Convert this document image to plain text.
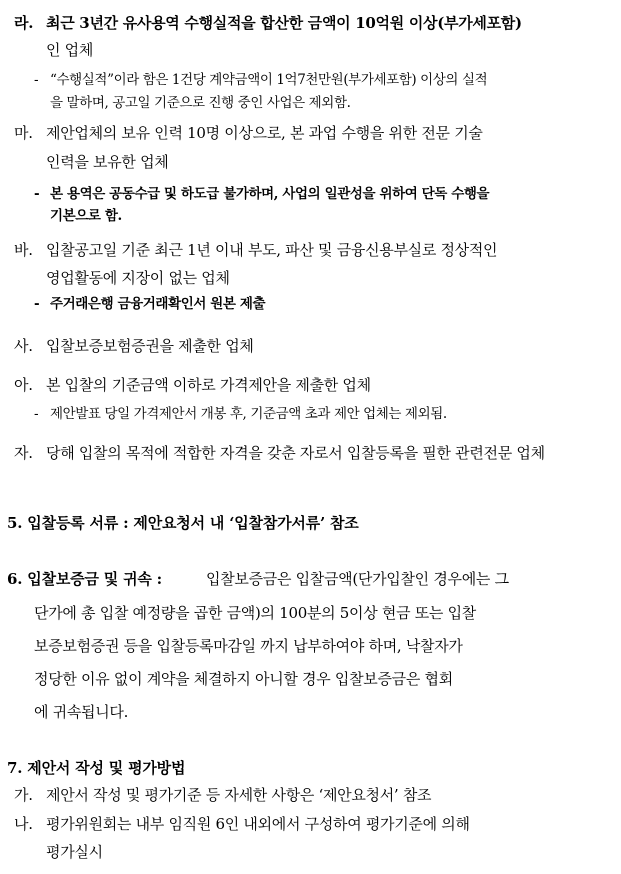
라. 최근 3년간 유사용역 수행실적을 합산한 금액이 10억원 이상(부가세포함)
인 업체
- “수행실적”이라 함은 1건당 계약금액이 1억7천만원(부가세포함) 이상의 실적
을 말하며, 공고일 기준으로 진행 중인 사업은 제외함.
마. 제안업체의 보유 인력 10명 이상으로, 본 과업 수행을 위한 전문 기술
인력을 보유한 업체
- 본 용역은 공동수급 및 하도급 불가하며, 사업의 일관성을 위하여 단독 수행을
기본으로 함.
바. 입찰공고일 기준 최근 1년 이내 부도, 파산 및 금융신용부실로 정상적인
영업활동에 지장이 없는 업체
- 주거래은행 금융거래확인서 원본 제출
사. 입찰보증보험증권을 제출한 업체
아. 본 입찰의 기준금액 이하로 가격제안을 제출한 업체
- 제안발표 당일 가격제안서 개봉 후, 기준금액 초과 제안 업체는 제외됨.
자. 당해 입찰의 목적에 적합한 자격을 갖춘 자로서 입찰등록을 필한 관련전문 업체
5. 입찰등록 서류 : 제안요청서 내 ‘입찰참가서류’ 참조
6. 입찰보증금 및 귀속 :	입찰보증금은 입찰금액(단가입찰인 경우에는 그
단가에 총 입찰 예정량을 곱한 금액)의 100분의 5이상 현금 또는 입찰
보증보험증권 등을 입찰등록마감일 까지 납부하여야 하며, 낙찰자가
정당한 이유 없이 계약을 체결하지 아니할 경우 입찰보증금은 협회
에 귀속됩니다.
7. 제안서 작성 및 평가방법
가. 제안서 작성 및 평가기준 등 자세한 사항은 ‘제안요청서’ 참조
나. 평가위원회는 내부 임직원 6인 내외에서 구성하여 평가기준에 의해
평가실시
